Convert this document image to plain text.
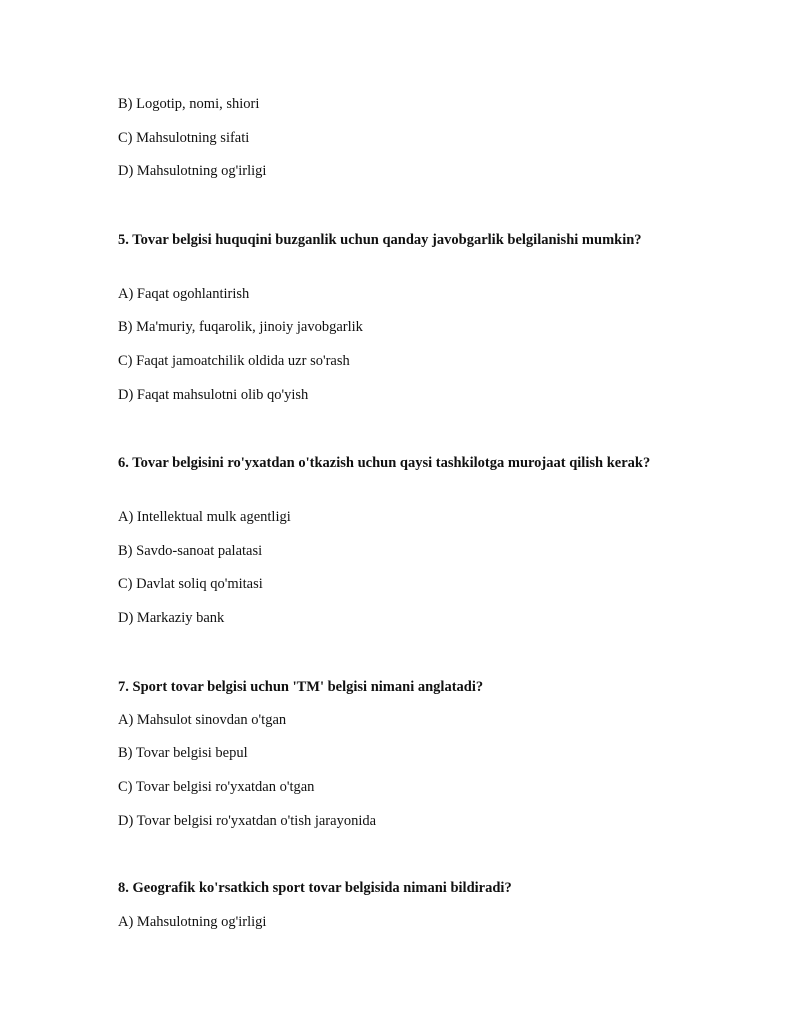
B) Logotip, nomi, shiori
C) Mahsulotning sifati
D) Mahsulotning og'irligi
5. Tovar belgisi huquqini buzganlik uchun qanday javobgarlik belgilanishi mumkin?
A) Faqat ogohlantirish
B) Ma'muriy, fuqarolik, jinoiy javobgarlik
C) Faqat jamoatchilik oldida uzr so'rash
D) Faqat mahsulotni olib qo'yish
6. Tovar belgisini ro'yxatdan o'tkazish uchun qaysi tashkilotga murojaat qilish kerak?
A) Intellektual mulk agentligi
B) Savdo-sanoat palatasi
C) Davlat soliq qo'mitasi
D) Markaziy bank
7. Sport tovar belgisi uchun 'TM' belgisi nimani anglatadi?
A) Mahsulot sinovdan o'tgan
B) Tovar belgisi bepul
C) Tovar belgisi ro'yxatdan o'tgan
D) Tovar belgisi ro'yxatdan o'tish jarayonida
8. Geografik ko'rsatkich sport tovar belgisida nimani bildiradi?
A) Mahsulotning og'irligi
